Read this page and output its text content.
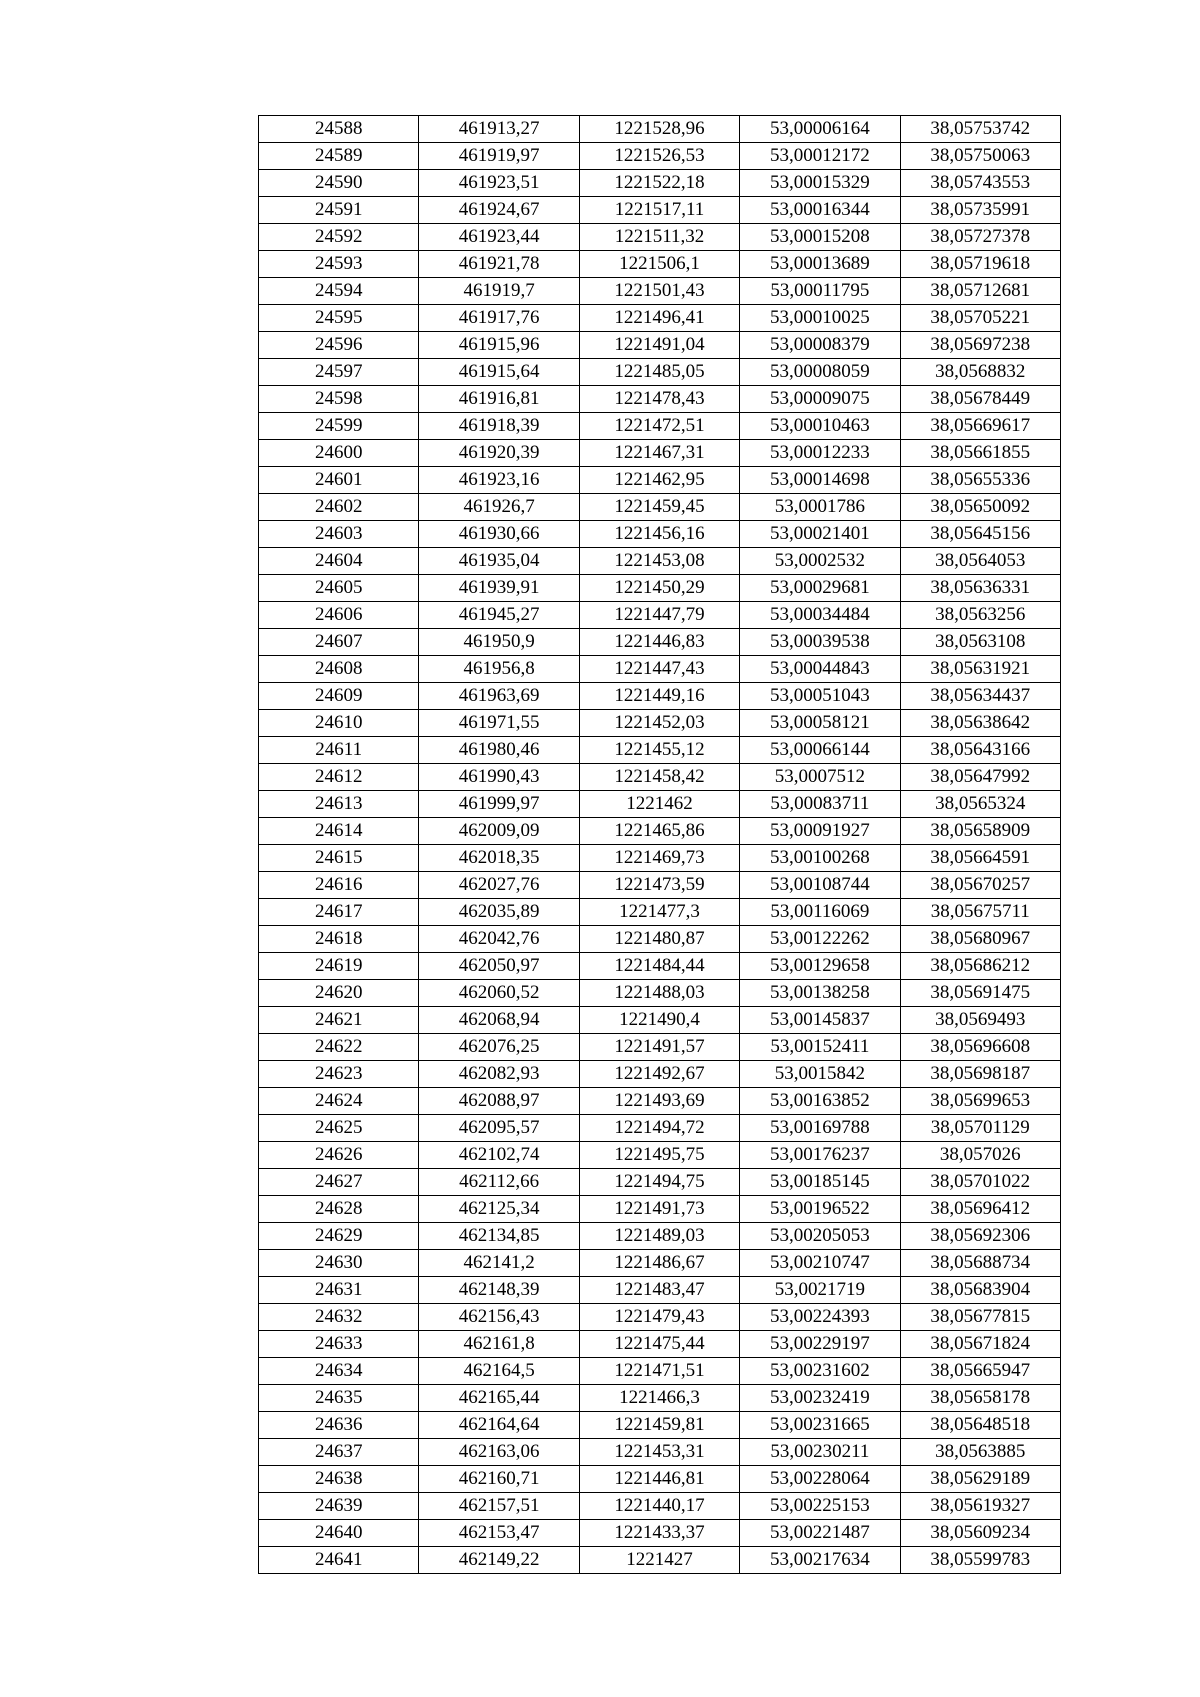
24588	461913,27	1221528,96	53,00006164	38,05753742
24589	461919,97	1221526,53	53,00012172	38,05750063
24590	461923,51	1221522,18	53,00015329	38,05743553
24591	461924,67	1221517,11	53,00016344	38,05735991
24592	461923,44	1221511,32	53,00015208	38,05727378
24593	461921,78	1221506,1	53,00013689	38,05719618
24594	461919,7	1221501,43	53,00011795	38,05712681
24595	461917,76	1221496,41	53,00010025	38,05705221
24596	461915,96	1221491,04	53,00008379	38,05697238
24597	461915,64	1221485,05	53,00008059	38,0568832
24598	461916,81	1221478,43	53,00009075	38,05678449
24599	461918,39	1221472,51	53,00010463	38,05669617
24600	461920,39	1221467,31	53,00012233	38,05661855
24601	461923,16	1221462,95	53,00014698	38,05655336
24602	461926,7	1221459,45	53,0001786	38,05650092
24603	461930,66	1221456,16	53,00021401	38,05645156
24604	461935,04	1221453,08	53,0002532	38,0564053
24605	461939,91	1221450,29	53,00029681	38,05636331
24606	461945,27	1221447,79	53,00034484	38,0563256
24607	461950,9	1221446,83	53,00039538	38,0563108
24608	461956,8	1221447,43	53,00044843	38,05631921
24609	461963,69	1221449,16	53,00051043	38,05634437
24610	461971,55	1221452,03	53,00058121	38,05638642
24611	461980,46	1221455,12	53,00066144	38,05643166
24612	461990,43	1221458,42	53,0007512	38,05647992
24613	461999,97	1221462	53,00083711	38,0565324
24614	462009,09	1221465,86	53,00091927	38,05658909
24615	462018,35	1221469,73	53,00100268	38,05664591
24616	462027,76	1221473,59	53,00108744	38,05670257
24617	462035,89	1221477,3	53,00116069	38,05675711
24618	462042,76	1221480,87	53,00122262	38,05680967
24619	462050,97	1221484,44	53,00129658	38,05686212
24620	462060,52	1221488,03	53,00138258	38,05691475
24621	462068,94	1221490,4	53,00145837	38,0569493
24622	462076,25	1221491,57	53,00152411	38,05696608
24623	462082,93	1221492,67	53,0015842	38,05698187
24624	462088,97	1221493,69	53,00163852	38,05699653
24625	462095,57	1221494,72	53,00169788	38,05701129
24626	462102,74	1221495,75	53,00176237	38,057026
24627	462112,66	1221494,75	53,00185145	38,05701022
24628	462125,34	1221491,73	53,00196522	38,05696412
24629	462134,85	1221489,03	53,00205053	38,05692306
24630	462141,2	1221486,67	53,00210747	38,05688734
24631	462148,39	1221483,47	53,0021719	38,05683904
24632	462156,43	1221479,43	53,00224393	38,05677815
24633	462161,8	1221475,44	53,00229197	38,05671824
24634	462164,5	1221471,51	53,00231602	38,05665947
24635	462165,44	1221466,3	53,00232419	38,05658178
24636	462164,64	1221459,81	53,00231665	38,05648518
24637	462163,06	1221453,31	53,00230211	38,0563885
24638	462160,71	1221446,81	53,00228064	38,05629189
24639	462157,51	1221440,17	53,00225153	38,05619327
24640	462153,47	1221433,37	53,00221487	38,05609234
24641	462149,22	1221427	53,00217634	38,05599783
